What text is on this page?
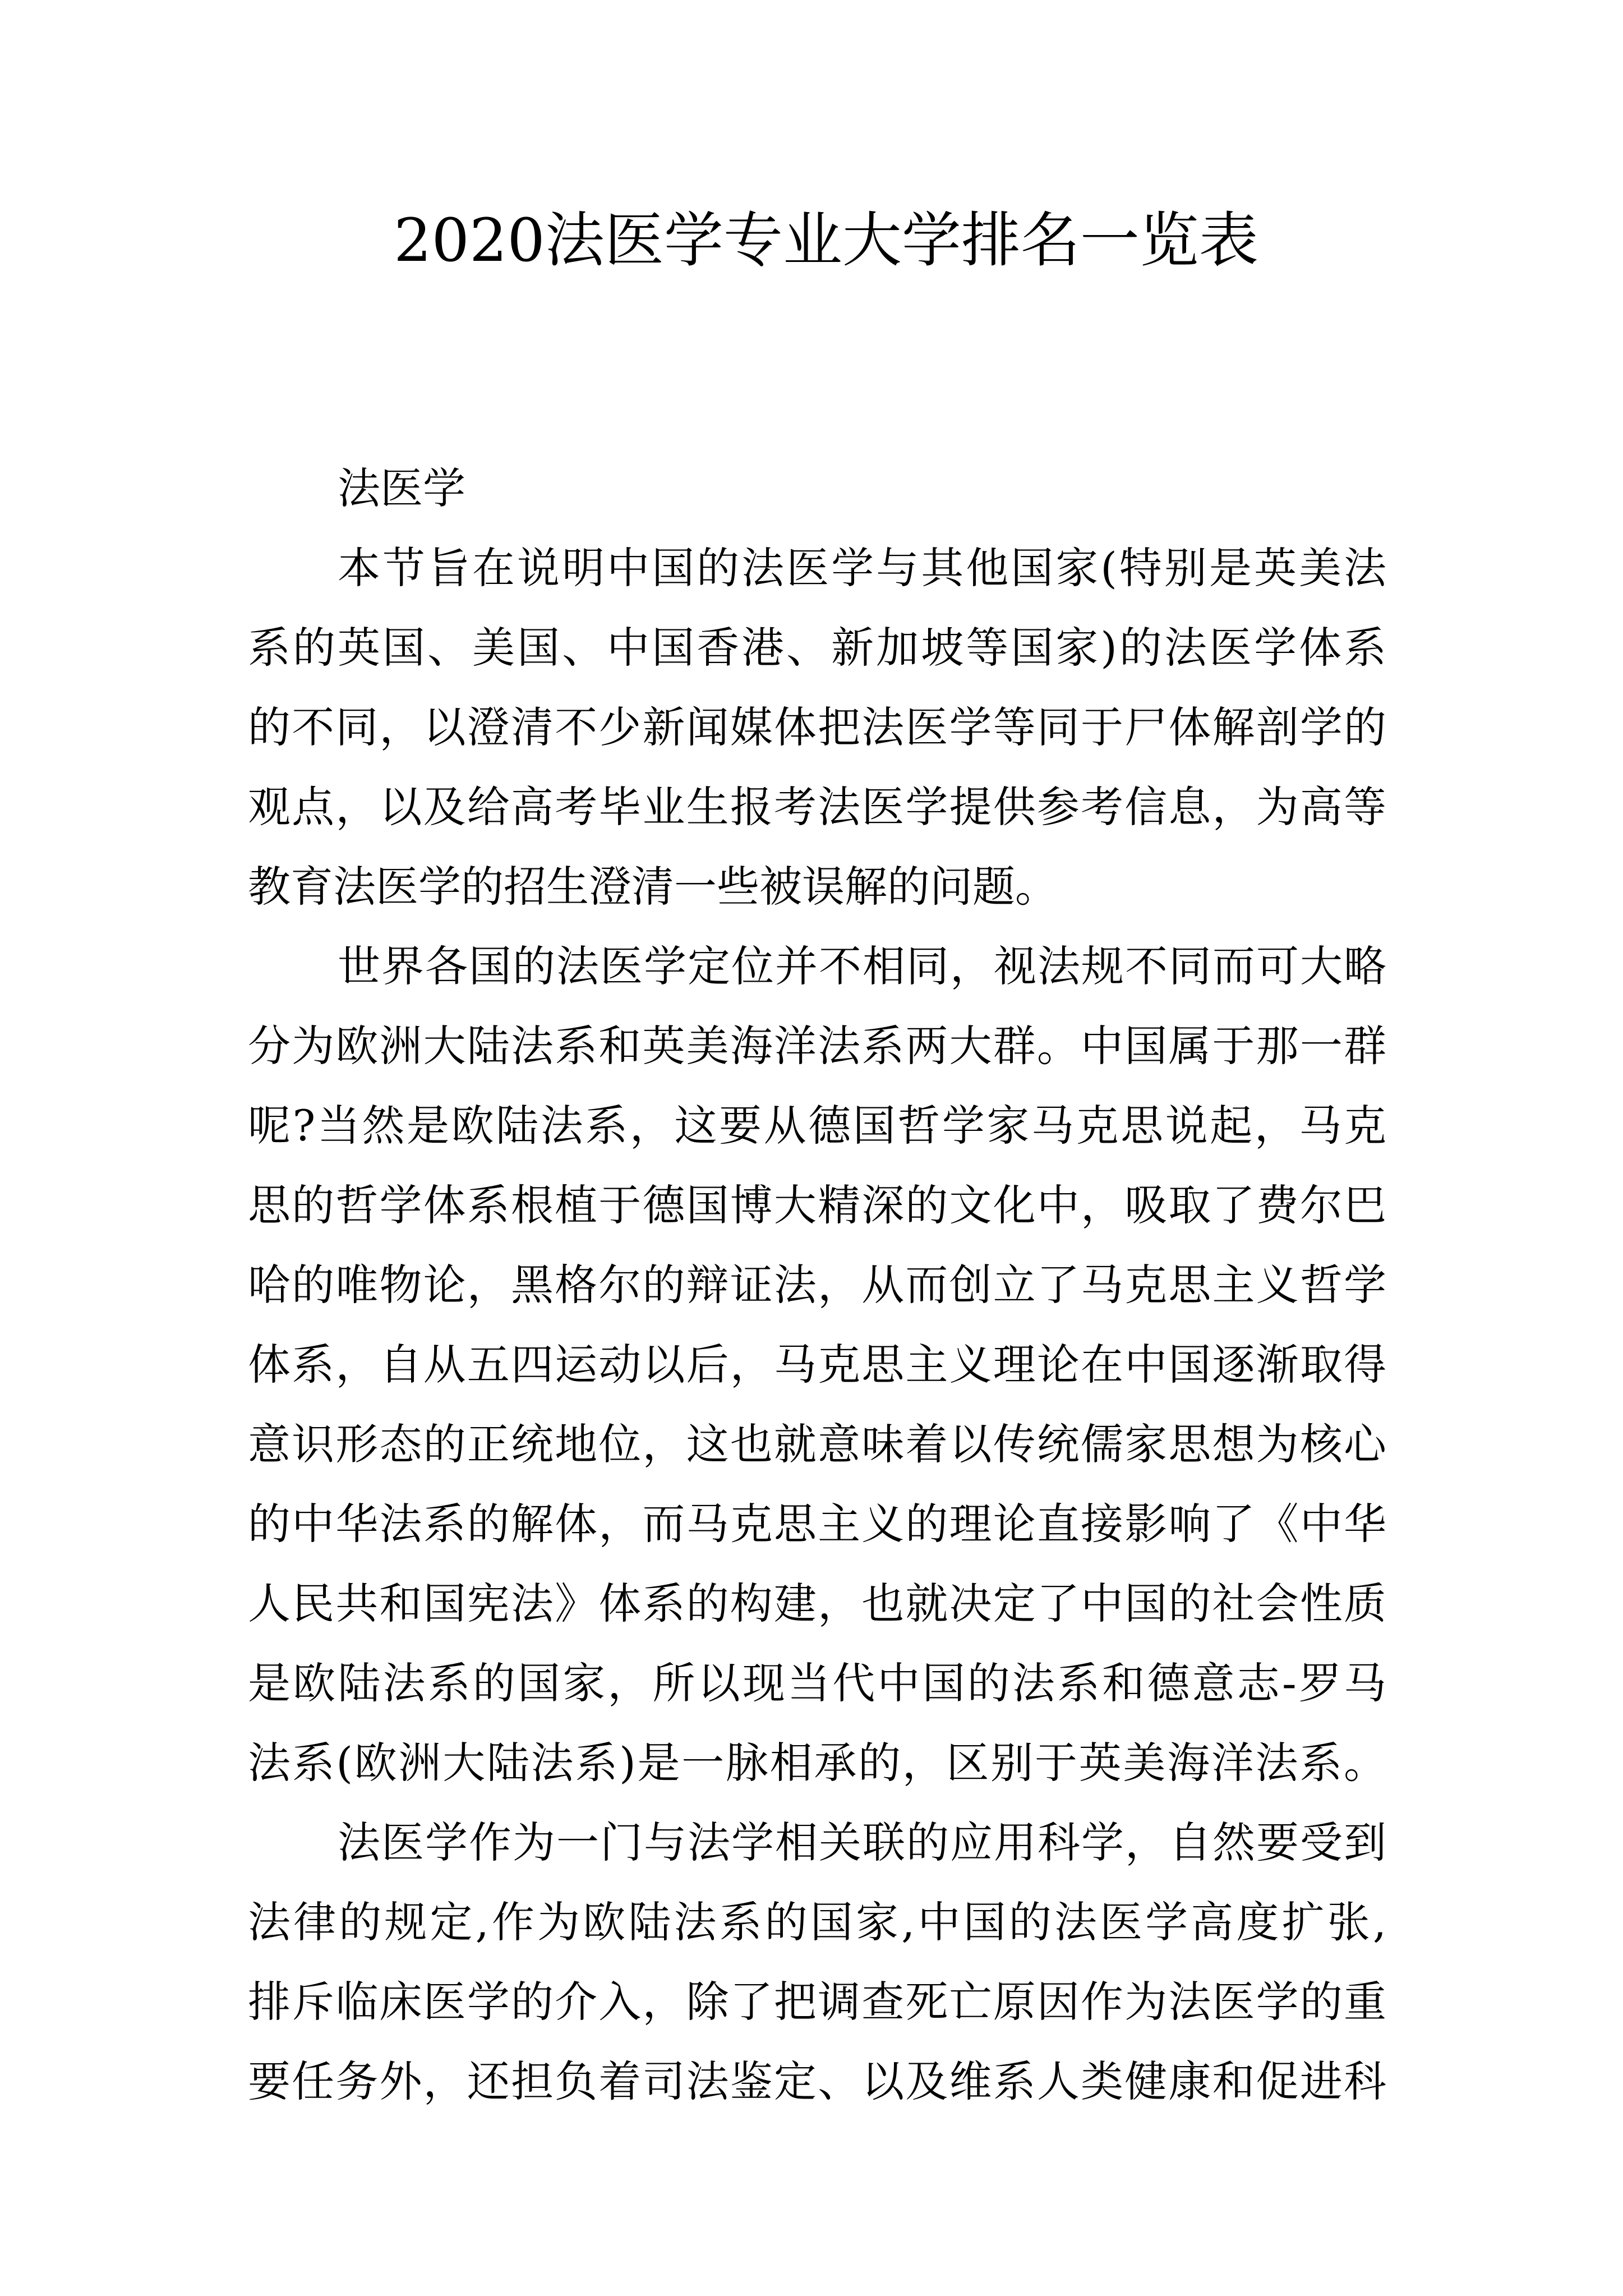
2020法医学专业大学排名一览表
法医学
本节旨在说明中国的法医学与其他国家(特别是英美法
系的英国、美国、中国香港、新加坡等国家)的法医学体系
的不同，以澄清不少新闻媒体把法医学等同于尸体解剖学的
观点，以及给高考毕业生报考法医学提供参考信息，为高等
教育法医学的招生澄清一些被误解的问题。
世界各国的法医学定位并不相同，视法规不同而可大略
分为欧洲大陆法系和英美海洋法系两大群。中国属于那一群
呢?当然是欧陆法系，这要从德国哲学家马克思说起，马克
思的哲学体系根植于德国博大精深的文化中，吸取了费尔巴
哈的唯物论，黑格尔的辩证法，从而创立了马克思主义哲学
体系，自从五四运动以后，马克思主义理论在中国逐渐取得
意识形态的正统地位，这也就意味着以传统儒家思想为核心
的中华法系的解体，而马克思主义的理论直接影响了《中华
人民共和国宪法》体系的构建，也就决定了中国的社会性质
是欧陆法系的国家，所以现当代中国的法系和德意志-罗马
法系(欧洲大陆法系)是一脉相承的，区别于英美海洋法系。
法医学作为一门与法学相关联的应用科学，自然要受到
法律的规定,作为欧陆法系的国家,中国的法医学高度扩张,
排斥临床医学的介入，除了把调查死亡原因作为法医学的重
要任务外，还担负着司法鉴定、以及维系人类健康和促进科
